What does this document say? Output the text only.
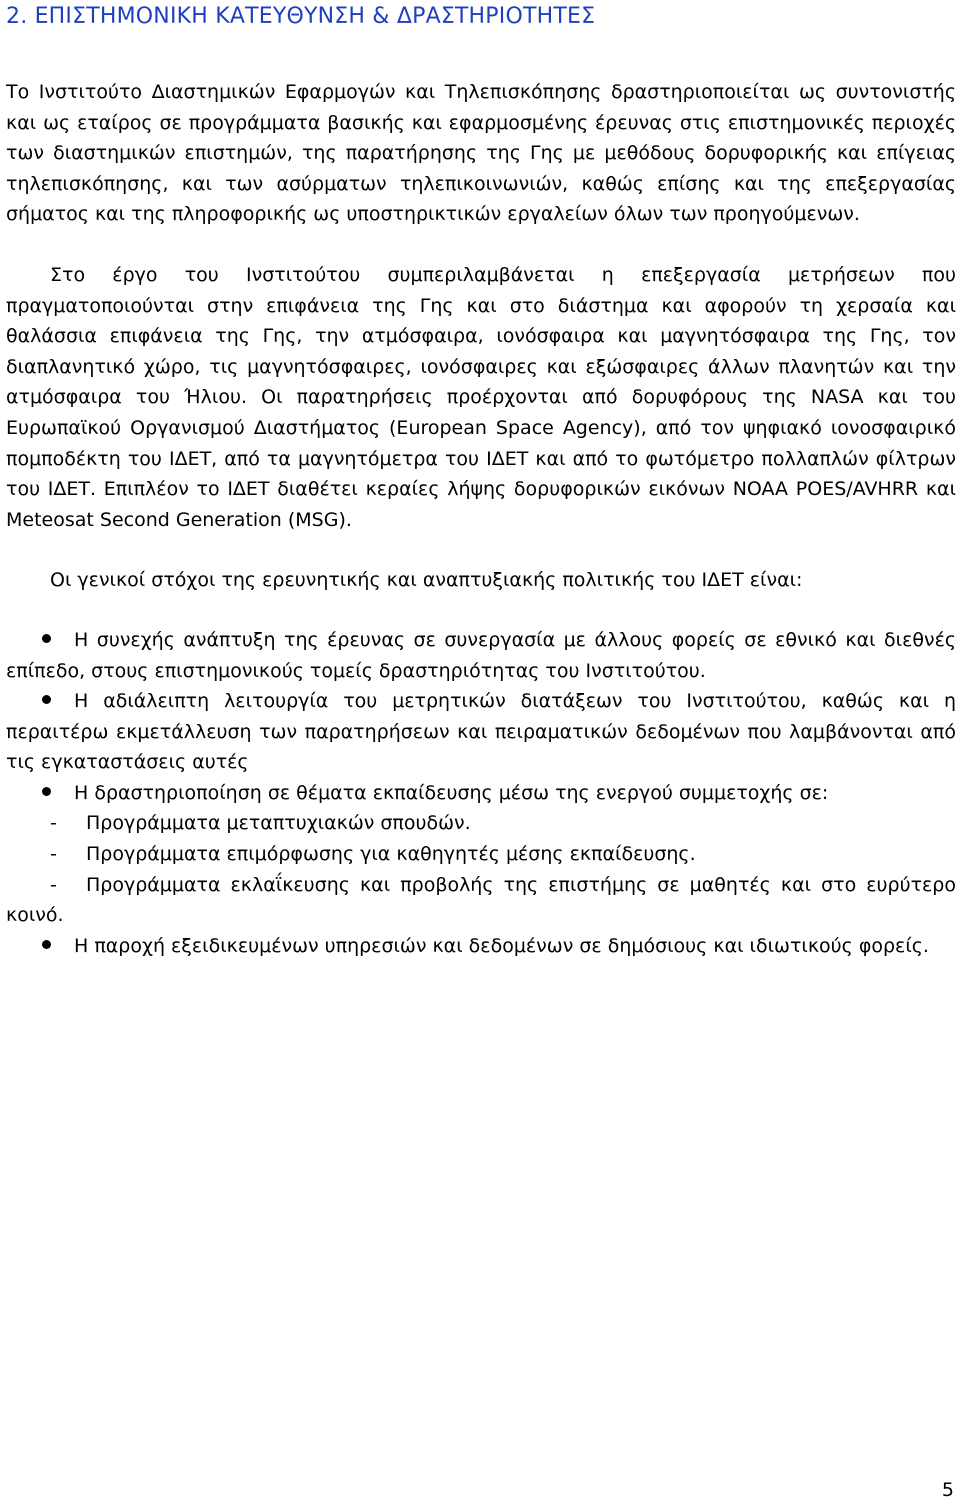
2. ΕΠΙΣΤΗΜΟΝΙΚΗ ΚΑΤΕΥΘΥΝΣΗ & ΔΡΑΣΤΗΡΙΟΤΗΤΕΣ

Το Ινστιτούτο Διαστημικών Εφαρμογών και Τηλεπισκόπησης δραστηριοποιείται ως συντονιστής και ως εταίρος σε προγράμματα βασικής και εφαρμοσμένης έρευνας στις επιστημονικές περιοχές των διαστημικών επιστημών, της παρατήρησης της Γης με μεθόδους δορυφορικής και επίγειας τηλεπισκόπησης, και των ασύρματων τηλεπικοινωνιών, καθώς επίσης και της επεξεργασίας σήματος και της πληροφορικής ως υποστηρικτικών εργαλείων όλων των προηγούμενων.

Στο έργο του Ινστιτούτου συμπεριλαμβάνεται η επεξεργασία μετρήσεων που πραγματοποιούνται στην επιφάνεια της Γης και στο διάστημα και αφορούν τη χερσαία και θαλάσσια επιφάνεια της Γης, την ατμόσφαιρα, ιονόσφαιρα και μαγνητόσφαιρα της Γης, τον διαπλανητικό χώρο, τις μαγνητόσφαιρες, ιονόσφαιρες και εξώσφαιρες άλλων πλανητών και την ατμόσφαιρα του Ήλιου. Οι παρατηρήσεις προέρχονται από δορυφόρους της NASA και του Ευρωπαϊκού Οργανισμού Διαστήματος (European Space Agency), από τον ψηφιακό ιονοσφαιρικό πομποδέκτη του ΙΔΕΤ, από τα μαγνητόμετρα του ΙΔΕΤ και από το φωτόμετρο πολλαπλών φίλτρων του ΙΔΕΤ. Επιπλέον το ΙΔΕΤ διαθέτει κεραίες λήψης δορυφορικών εικόνων NOAA POES/AVHRR και Meteosat Second Generation (MSG).

Οι γενικοί στόχοι της ερευνητικής και αναπτυξιακής πολιτικής του ΙΔΕΤ είναι:

Η συνεχής ανάπτυξη της έρευνας σε συνεργασία με άλλους φορείς σε εθνικό και διεθνές επίπεδο, στους επιστημονικούς τομείς δραστηριότητας του Ινστιτούτου.

Η αδιάλειπτη λειτουργία του μετρητικών διατάξεων του Ινστιτούτου, καθώς και η περαιτέρω εκμετάλλευση των παρατηρήσεων και πειραματικών δεδομένων που λαμβάνονται από τις εγκαταστάσεις αυτές

Η δραστηριοποίηση σε θέματα εκπαίδευσης μέσω της ενεργού συμμετοχής σε:

- Προγράμματα μεταπτυχιακών σπουδών.

- Προγράμματα επιμόρφωσης για καθηγητές μέσης εκπαίδευσης.

- Προγράμματα εκλαΐκευσης και προβολής της επιστήμης σε μαθητές και στο ευρύτερο κοινό.

Η παροχή εξειδικευμένων υπηρεσιών και δεδομένων σε δημόσιους και ιδιωτικούς φορείς.

5
